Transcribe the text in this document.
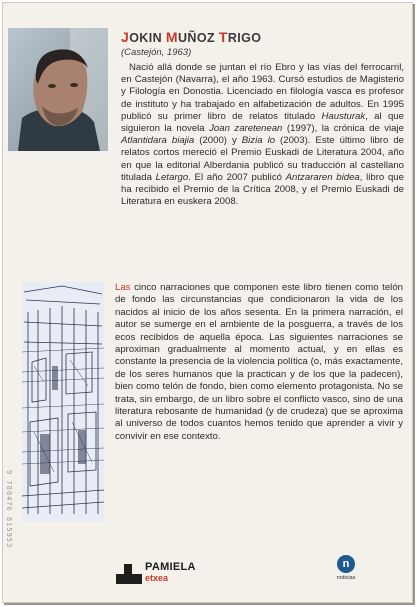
JOKIN MUÑOZ TRIGO
(Castejón, 1963)
Nació allá donde se juntan el río Ebro y las vías del ferrocarril, en Castejón (Navarra), el año 1963. Cursó estudios de Magisterio y Filología en Donostia. Licenciado en filología vasca es profesor de instituto y ha trabajado en alfabetización de adultos. En 1995 publicó su primer libro de relatos titulado Hausturak, al que siguieron la novela Joan zaretenean (1997), la crónica de viaje Atlantidara biajia (2000) y Bizia lo (2003). Este último libro de relatos cortos mereció el Premio Euskadi de Literatura 2004, año en que la editorial Alberdania publicó su traducción al castellano titulada Letargo. El año 2007 publicó Antzararen bidea, libro que ha recibido el Premio de la Crítica 2008, y el Premio Euskadi de Literatura en euskera 2008.
Las cinco narraciones que componen este libro tienen como telón de fondo las circunstancias que condicionaron la vida de los nacidos al inicio de los años sesenta. En la primera narración, el autor se sumerge en el ambiente de la posguerra, a través de los ecos recibidos de aquella época. Las siguientes narraciones se aproximan gradualmente al momento actual, y en ellas es constante la presencia de la violencia política (o, más exactamente, de los seres humanos que la practican y de los que la padecen), bien como telón de fondo, bien como elemento protagonista. No se trata, sin embargo, de un libro sobre el conflicto vasco, sino de una literatura rebosante de humanidad (y de crudeza) que se aproxima al universo de todos cuantos hemos tenido que aprender a vivir y convivir en ese contexto.
9 788476 815953
PAMIELA
etxea
n
noticias
